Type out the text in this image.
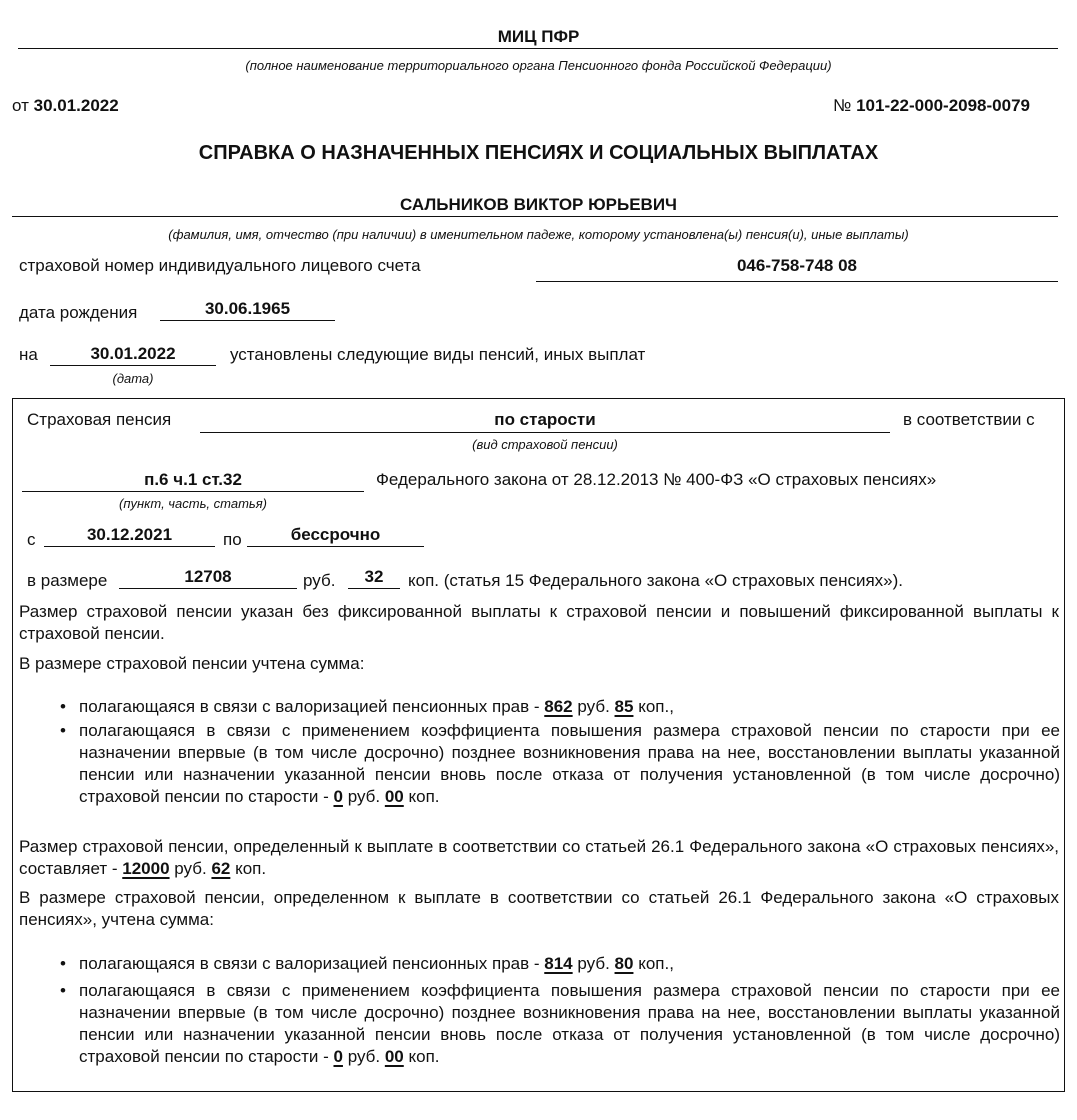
МИЦ ПФР
(полное наименование территориального органа Пенсионного фонда Российской Федерации)
от 30.01.2022	№ 101-22-000-2098-0079
СПРАВКА О НАЗНАЧЕННЫХ ПЕНСИЯХ И СОЦИАЛЬНЫХ ВЫПЛАТАХ
САЛЬНИКОВ ВИКТОР ЮРЬЕВИЧ
(фамилия, имя, отчество (при наличии) в именительном падеже, которому установлена(ы) пенсия(и), иные выплаты)
страховой номер индивидуального лицевого счета	046-758-748 08
дата рождения	30.06.1965
на	30.01.2022	установлены следующие виды пенсий, иных выплат
(дата)
Страховая пенсия	по старости	в соответствии с
(вид страховой пенсии)
п.6 ч.1 ст.32	Федерального закона от 28.12.2013 № 400-ФЗ «О страховых пенсиях»
(пункт, часть, статья)
с	30.12.2021	по	бессрочно
в размере	12708	руб.	32	коп. (статья 15 Федерального закона «О страховых пенсиях»).
Размер страховой пенсии указан без фиксированной выплаты к страховой пенсии и повышений фиксированной выплаты к страховой пенсии.
В размере страховой пенсии учтена сумма:
• полагающаяся в связи с валоризацией пенсионных прав - 862 руб. 85 коп.,
• полагающаяся в связи с применением коэффициента повышения размера страховой пенсии по старости при ее назначении впервые (в том числе досрочно) позднее возникновения права на нее, восстановлении выплаты указанной пенсии или назначении указанной пенсии вновь после отказа от получения установленной (в том числе досрочно) страховой пенсии по старости - 0 руб. 00 коп.
Размер страховой пенсии, определенный к выплате в соответствии со статьей 26.1 Федерального закона «О страховых пенсиях», составляет - 12000 руб. 62 коп.
В размере страховой пенсии, определенном к выплате в соответствии со статьей 26.1 Федерального закона «О страховых пенсиях», учтена сумма:
• полагающаяся в связи с валоризацией пенсионных прав - 814 руб. 80 коп.,
• полагающаяся в связи с применением коэффициента повышения размера страховой пенсии по старости при ее назначении впервые (в том числе досрочно) позднее возникновения права на нее, восстановлении выплаты указанной пенсии или назначении указанной пенсии вновь после отказа от получения установленной (в том числе досрочно) страховой пенсии по старости - 0 руб. 00 коп.
